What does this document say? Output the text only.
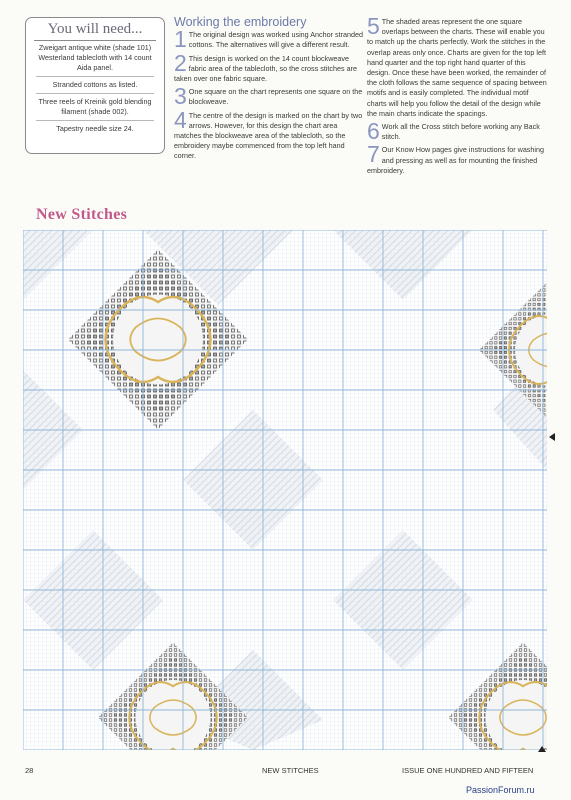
You will need...
Zweigart antique white (shade 101) Westerland tablecloth with 14 count Aida panel.
Stranded cottons as listed.
Three reels of Kreinik gold blending filament (shade 002).
Tapestry needle size 24.
Working the embroidery
1 The original design was worked using Anchor stranded cottons. The alternatives will give a different result.
2 This design is worked on the 14 count blockweave fabric area of the tablecloth, so the cross stitches are taken over one fabric square.
3 One square on the chart represents one square on the blockweave.
4 The centre of the design is marked on the chart by two arrows. However, for this design the chart area matches the blockweave area of the tablecloth, so the embroidery maybe commenced from the top left hand corner.
5 The shaded areas represent the one square overlaps between the charts. These will enable you to match up the charts perfectly. Work the stitches in the overlap areas only once. Charts are given for the top left hand quarter and the top right hand quarter of this design. Once these have been worked, the remainder of the cloth follows the same sequence of spacing between motifs and is easily completed. The individual motif charts will help you follow the detail of the design while the main charts indicate the spacings.
6 Work all the Cross stitch before working any Back stitch.
7 Our Know How pages give instructions for washing and pressing as well as for mounting the finished embroidery.
New Stitches
28	NEW STITCHES	ISSUE ONE HUNDRED AND FIFTEEN
PassionForum.ru
